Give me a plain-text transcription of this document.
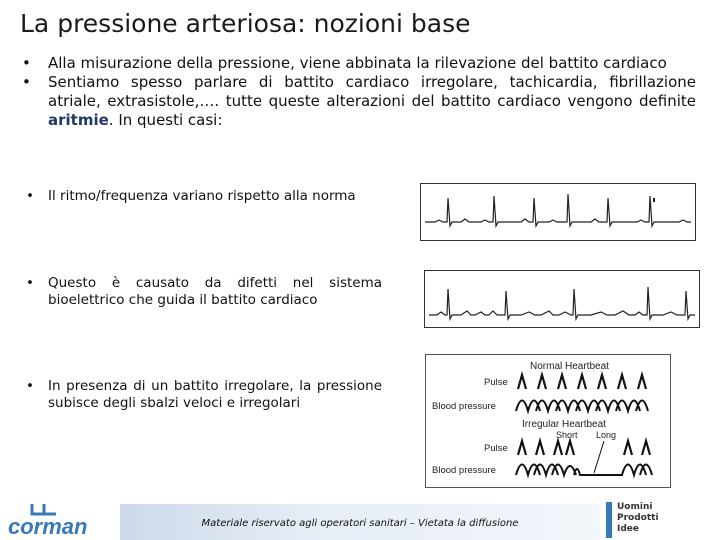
La pressione arteriosa: nozioni base

• Alla misurazione della pressione, viene abbinata la rilevazione del battito cardiaco

• Sentiamo spesso parlare di battito cardiaco irregolare, tachicardia, fibrillazione atriale, extrasistole,…. tutte queste alterazioni del battito cardiaco vengono definite aritmie. In questi casi:

•	Il ritmo/frequenza variano rispetto alla norma
•	Questo è causato da difetti nel sistema bioelettrico che guida il battito cardiaco
•	In presenza di un battito irregolare, la pressione subisce degli sbalzi veloci e irregolari
Normal Heartbeat
Pulse
Blood pressure
Irregular Heartbeat
Short Long
Pulse
Blood pressure
Materiale riservato agli operatori sanitari – Vietata la diffusione
corman
Uomini
Prodotti
Idee
